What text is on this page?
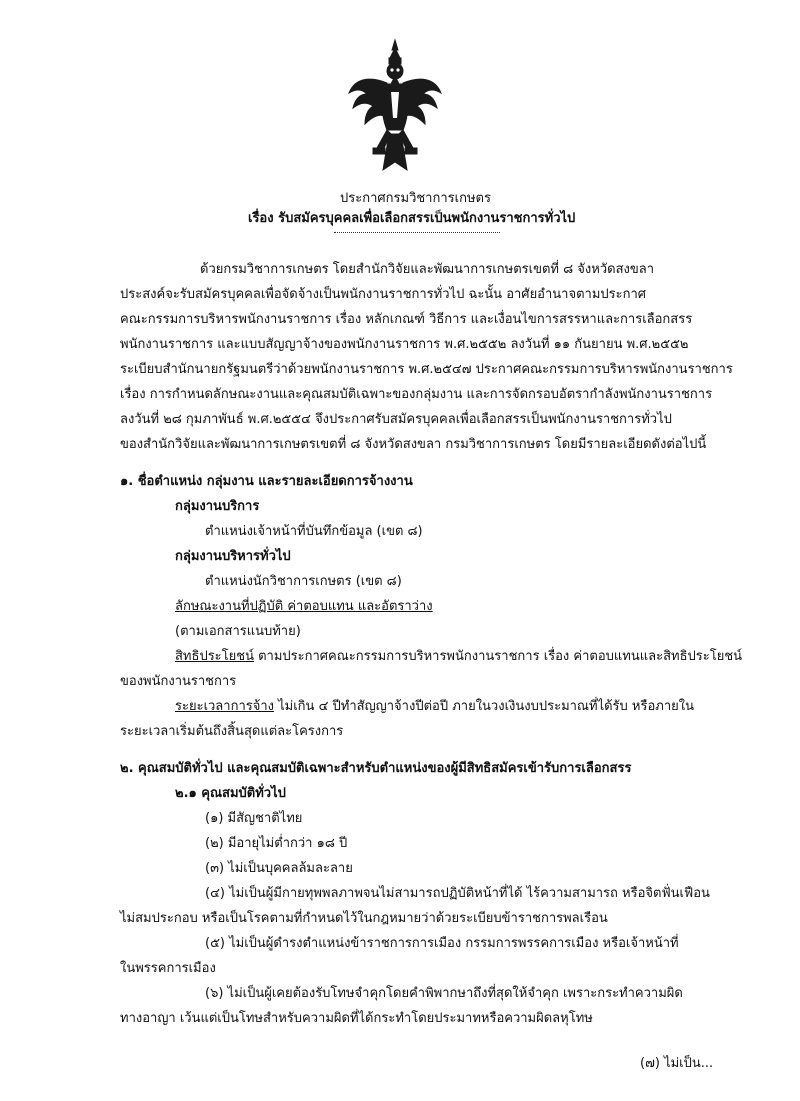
ประกาศกรมวิชาการเกษตร
เรื่อง รับสมัครบุคคลเพื่อเลือกสรรเป็นพนักงานราชการทั่วไป
ด้วยกรมวิชาการเกษตร โดยสำนักวิจัยและพัฒนาการเกษตรเขตที่ ๘ จังหวัดสงขลา
ประสงค์จะรับสมัครบุคคลเพื่อจัดจ้างเป็นพนักงานราชการทั่วไป ฉะนั้น อาศัยอำนาจตามประกาศ
คณะกรรมการบริหารพนักงานราชการ เรื่อง หลักเกณฑ์ วิธีการ และเงื่อนไขการสรรหาและการเลือกสรร
พนักงานราชการ และแบบสัญญาจ้างของพนักงานราชการ พ.ศ.๒๕๕๒ ลงวันที่ ๑๑ กันยายน พ.ศ.๒๕๕๒
ระเบียบสำนักนายกรัฐมนตรีว่าด้วยพนักงานราชการ พ.ศ.๒๕๔๗ ประกาศคณะกรรมการบริหารพนักงานราชการ
เรื่อง การกำหนดลักษณะงานและคุณสมบัติเฉพาะของกลุ่มงาน และการจัดกรอบอัตรากำลังพนักงานราชการ
ลงวันที่ ๒๘ กุมภาพันธ์ พ.ศ.๒๕๕๔ จึงประกาศรับสมัครบุคคลเพื่อเลือกสรรเป็นพนักงานราชการทั่วไป
ของสำนักวิจัยและพัฒนาการเกษตรเขตที่ ๘ จังหวัดสงขลา กรมวิชาการเกษตร โดยมีรายละเอียดดังต่อไปนี้
๑. ชื่อตำแหน่ง กลุ่มงาน และรายละเอียดการจ้างงาน
กลุ่มงานบริการ
ตำแหน่งเจ้าหน้าที่บันทึกข้อมูล (เขต ๘)
กลุ่มงานบริหารทั่วไป
ตำแหน่งนักวิชาการเกษตร (เขต ๘)
ลักษณะงานที่ปฏิบัติ ค่าตอบแทน และอัตราว่าง
(ตามเอกสารแนบท้าย)
สิทธิประโยชน์ ตามประกาศคณะกรรมการบริหารพนักงานราชการ เรื่อง ค่าตอบแทนและสิทธิประโยชน์
ของพนักงานราชการ
ระยะเวลาการจ้าง ไม่เกิน ๔ ปีทำสัญญาจ้างปีต่อปี ภายในวงเงินงบประมาณที่ได้รับ หรือภายใน
ระยะเวลาเริ่มต้นถึงสิ้นสุดแต่ละโครงการ
๒. คุณสมบัติทั่วไป และคุณสมบัติเฉพาะสำหรับตำแหน่งของผู้มีสิทธิสมัครเข้ารับการเลือกสรร
๒.๑ คุณสมบัติทั่วไป
(๑) มีสัญชาติไทย
(๒) มีอายุไม่ต่ำกว่า ๑๘ ปี
(๓) ไม่เป็นบุคคลล้มละลาย
(๔) ไม่เป็นผู้มีกายทุพพลภาพจนไม่สามารถปฏิบัติหน้าที่ได้ ไร้ความสามารถ หรือจิตฟั่นเฟือน
ไม่สมประกอบ หรือเป็นโรคตามที่กำหนดไว้ในกฎหมายว่าด้วยระเบียบข้าราชการพลเรือน
(๕) ไม่เป็นผู้ดำรงตำแหน่งข้าราชการการเมือง กรรมการพรรคการเมือง หรือเจ้าหน้าที่
ในพรรคการเมือง
(๖) ไม่เป็นผู้เคยต้องรับโทษจำคุกโดยคำพิพากษาถึงที่สุดให้จำคุก เพราะกระทำความผิด
ทางอาญา เว้นแต่เป็นโทษสำหรับความผิดที่ได้กระทำโดยประมาทหรือความผิดลหุโทษ
(๗) ไม่เป็น...
